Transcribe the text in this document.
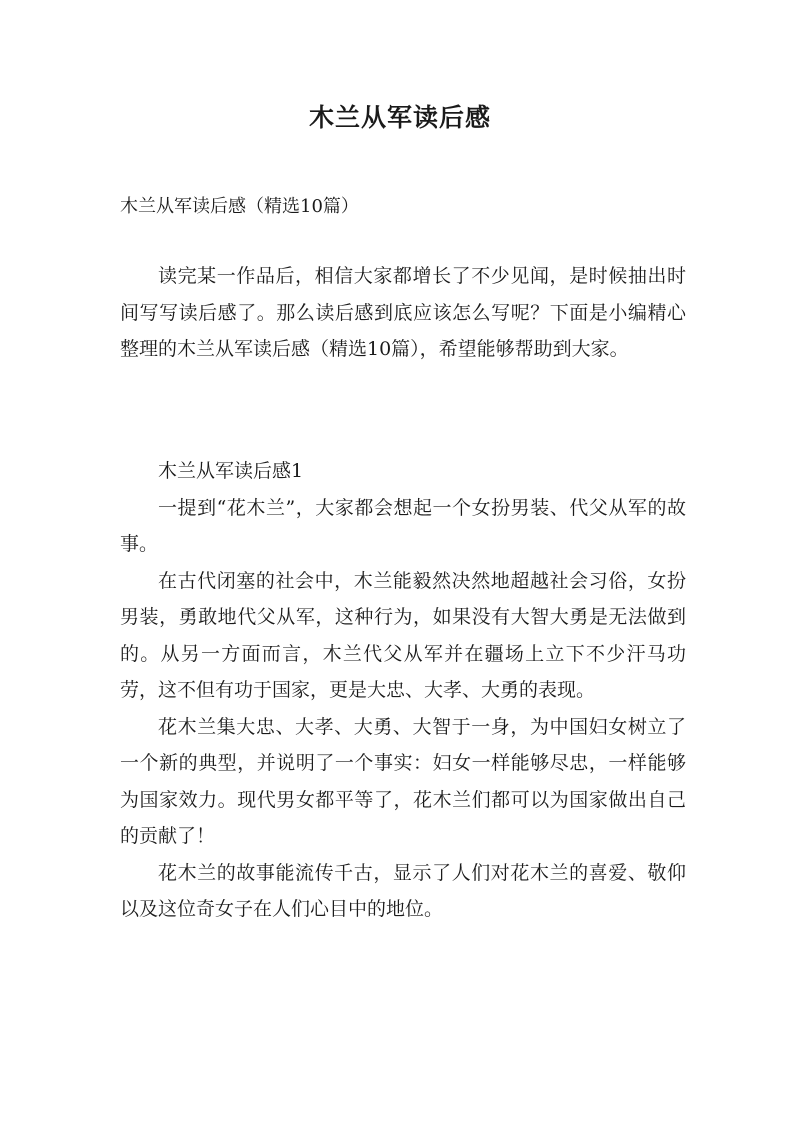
木兰从军读后感
木兰从军读后感（精选10篇）

读完某一作品后，相信大家都增长了不少见闻，是时候抽出时间写写读后感了。那么读后感到底应该怎么写呢？下面是小编精心整理的木兰从军读后感（精选10篇），希望能够帮助到大家。

木兰从军读后感1

一提到“花木兰”，大家都会想起一个女扮男装、代父从军的故事。

在古代闭塞的社会中，木兰能毅然决然地超越社会习俗，女扮男装，勇敢地代父从军，这种行为，如果没有大智大勇是无法做到的。从另一方面而言，木兰代父从军并在疆场上立下不少汗马功劳，这不但有功于国家，更是大忠、大孝、大勇的表现。

花木兰集大忠、大孝、大勇、大智于一身，为中国妇女树立了一个新的典型，并说明了一个事实：妇女一样能够尽忠，一样能够为国家效力。现代男女都平等了，花木兰们都可以为国家做出自己的贡献了！

花木兰的故事能流传千古，显示了人们对花木兰的喜爱、敬仰以及这位奇女子在人们心目中的地位。
